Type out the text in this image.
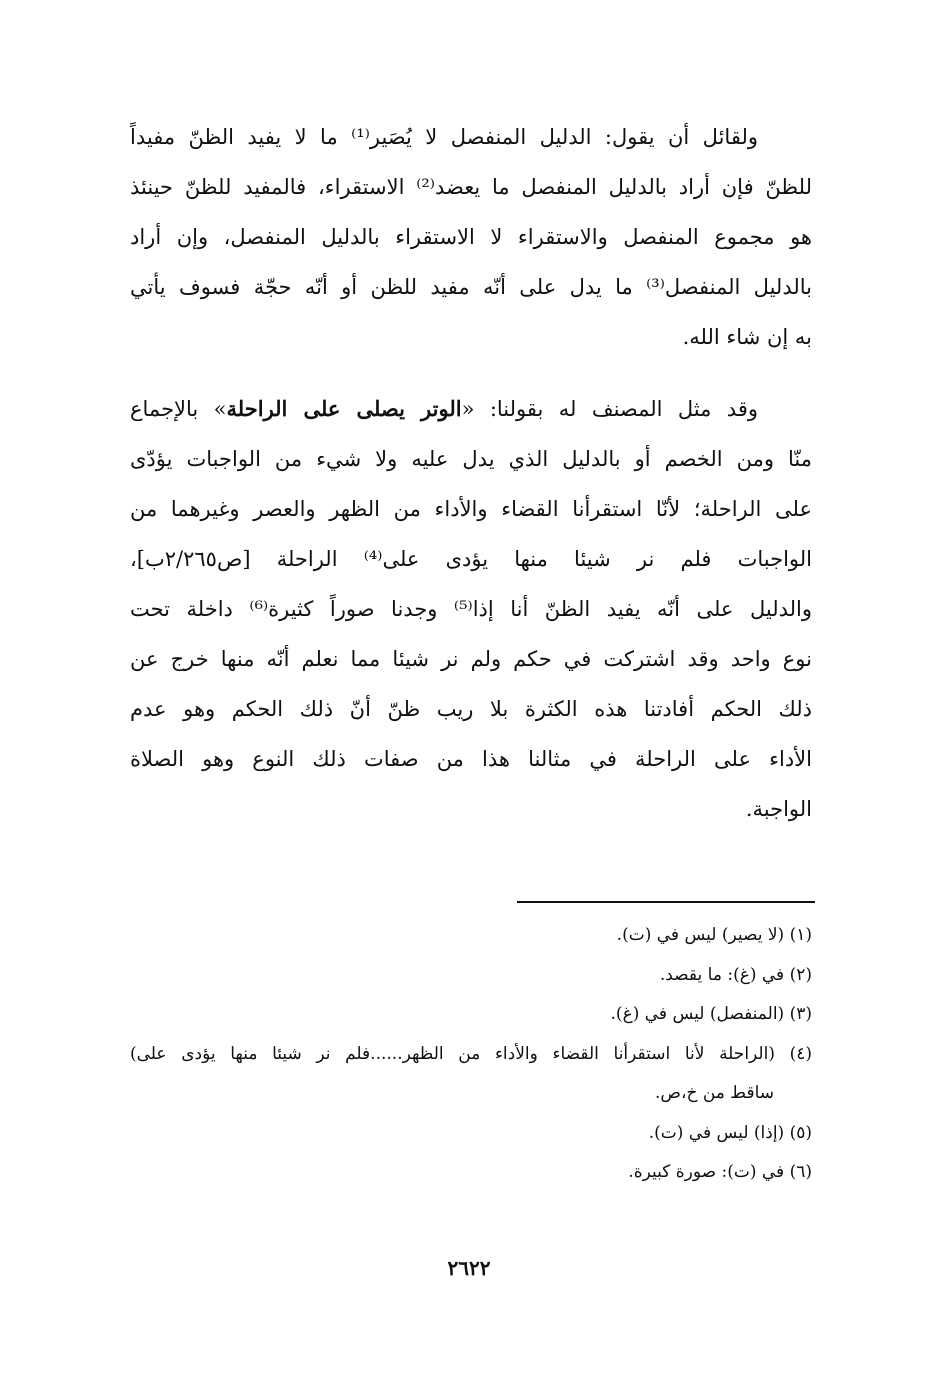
ولقائل أن يقول: الدليل المنفصل لا يُصَير⁽¹⁾ ما لا يفيد الظنّ مفيداً
للظنّ فإن أراد بالدليل المنفصل ما يعضد⁽²⁾ الاستقراء، فالمفيد للظنّ حينئذ
هو مجموع المنفصل والاستقراء لا الاستقراء بالدليل المنفصل، وإن أراد
بالدليل المنفصل⁽³⁾ ما يدل على أنّه مفيد للظن أو أنّه حجّة فسوف يأتي
به إن شاء الله.
وقد مثل المصنف له بقولنا: «الوتر يصلى على الراحلة» بالإجماع
منّا ومن الخصم أو بالدليل الذي يدل عليه ولا شيء من الواجبات يؤدّى
على الراحلة؛ لأنّا استقرأنا القضاء والأداء من الظهر والعصر وغيرهما من
الواجبات فلم نر شيئا منها يؤدى على⁽⁴⁾ الراحلة [ص٢/٢٦٥ب]،
والدليل على أنّه يفيد الظنّ أنا إذا⁽⁵⁾ وجدنا صوراً كثيرة⁽⁶⁾ داخلة تحت
نوع واحد وقد اشتركت في حكم ولم نر شيئا مما نعلم أنّه منها خرج عن
ذلك الحكم أفادتنا هذه الكثرة بلا ريب ظنّ أنّ ذلك الحكم وهو عدم
الأداء على الراحلة في مثالنا هذا من صفات ذلك النوع وهو الصلاة
الواجبة.
(١) (لا يصير) ليس في (ت).
(٢) في (غ): ما يقصد.
(٣) (المنفصل) ليس في (غ).
(٤) (الراحلة لأنا استقرأنا القضاء والأداء من الظهر......فلم نر شيئا منها يؤدى على)
ساقط من خ،ص.
(٥) (إذا) ليس في (ت).
(٦) في (ت): صورة كبيرة.
٢٦٢٢
